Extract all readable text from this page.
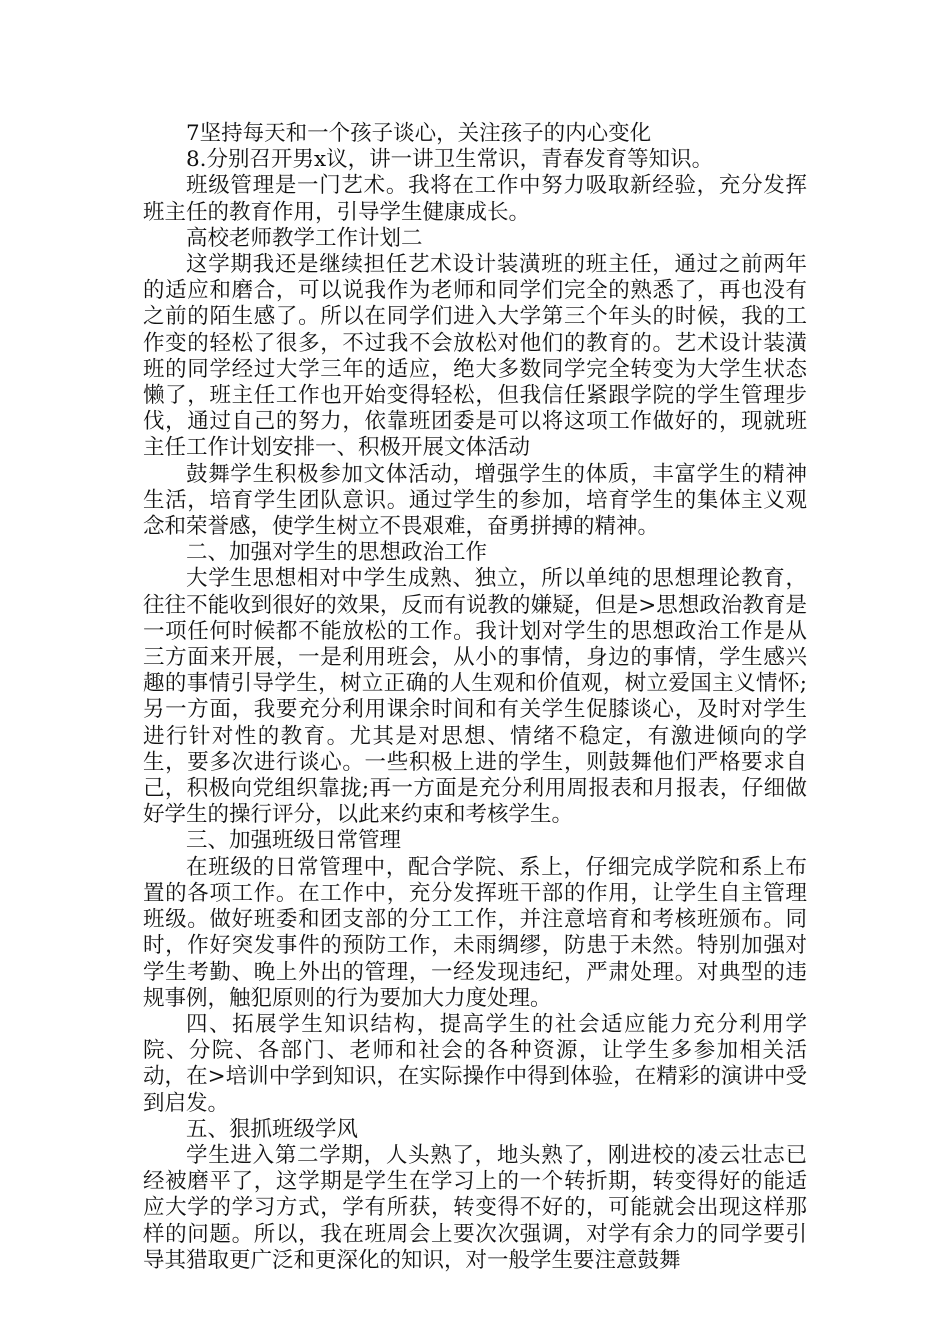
7坚持每天和一个孩子谈心，关注孩子的内心变化

8.分别召开男x议，讲一讲卫生常识，青春发育等知识。

班级管理是一门艺术。我将在工作中努力吸取新经验，充分发挥班主任的教育作用，引导学生健康成长。

高校老师教学工作计划二

这学期我还是继续担任艺术设计装潢班的班主任，通过之前两年的适应和磨合，可以说我作为老师和同学们完全的熟悉了，再也没有之前的陌生感了。所以在同学们进入大学第三个年头的时候，我的工作变的轻松了很多，不过我不会放松对他们的教育的。艺术设计装潢班的同学经过大学三年的适应，绝大多数同学完全转变为大学生状态懒了，班主任工作也开始变得轻松，但我信任紧跟学院的学生管理步伐，通过自己的努力，依靠班团委是可以将这项工作做好的，现就班主任工作计划安排一、积极开展文体活动

鼓舞学生积极参加文体活动，增强学生的体质，丰富学生的精神生活，培育学生团队意识。通过学生的参加，培育学生的集体主义观念和荣誉感，使学生树立不畏艰难，奋勇拼搏的精神。

二、加强对学生的思想政治工作

大学生思想相对中学生成熟、独立，所以单纯的思想理论教育，往往不能收到很好的效果，反而有说教的嫌疑，但是>思想政治教育是一项任何时候都不能放松的工作。我计划对学生的思想政治工作是从三方面来开展，一是利用班会，从小的事情，身边的事情，学生感兴趣的事情引导学生，树立正确的人生观和价值观，树立爱国主义情怀;另一方面，我要充分利用课余时间和有关学生促膝谈心，及时对学生进行针对性的教育。尤其是对思想、情绪不稳定，有激进倾向的学生，要多次进行谈心。一些积极上进的学生，则鼓舞他们严格要求自己，积极向党组织靠拢;再一方面是充分利用周报表和月报表，仔细做好学生的操行评分，以此来约束和考核学生。

三、加强班级日常管理

在班级的日常管理中，配合学院、系上，仔细完成学院和系上布置的各项工作。在工作中，充分发挥班干部的作用，让学生自主管理班级。做好班委和团支部的分工工作，并注意培育和考核班颁布。同时，作好突发事件的预防工作，未雨绸缪，防患于未然。特别加强对学生考勤、晚上外出的管理，一经发现违纪，严肃处理。对典型的违规事例，触犯原则的行为要加大力度处理。

四、拓展学生知识结构，提高学生的社会适应能力充分利用学院、分院、各部门、老师和社会的各种资源，让学生多参加相关活动，在>培训中学到知识，在实际操作中得到体验，在精彩的演讲中受到启发。

五、狠抓班级学风

学生进入第二学期，人头熟了，地头熟了，刚进校的凌云壮志已经被磨平了，这学期是学生在学习上的一个转折期，转变得好的能适应大学的学习方式，学有所获，转变得不好的，可能就会出现这样那样的问题。所以，我在班周会上要次次强调，对学有余力的同学要引导其猎取更广泛和更深化的知识，对一般学生要注意鼓舞
